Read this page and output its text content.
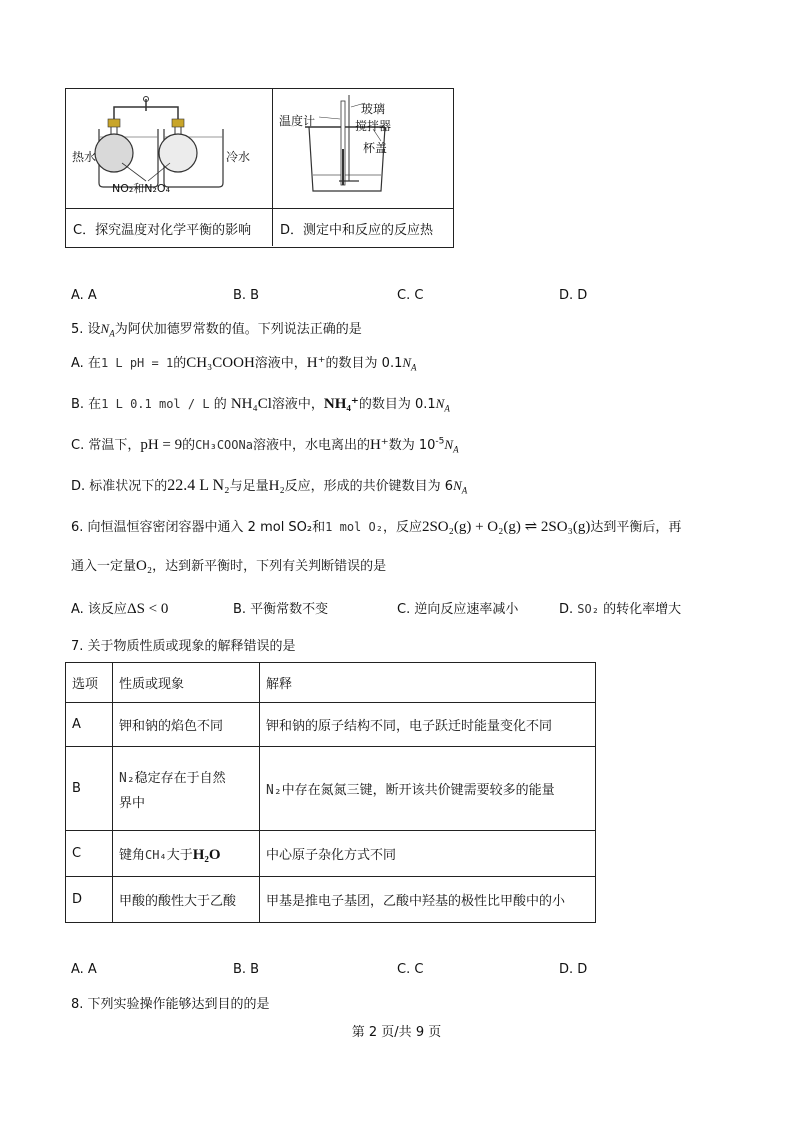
热水	冷水
NO₂和N₂O₄
温度计
玻璃
搅拌器
杯盖
C．探究温度对化学平衡的影响 D．测定中和反应的反应热
A. A	B. B	C. C	D. D
5. 设$N_A$为阿伏加德罗常数的值。下列说法正确的是
A. 在1 L pH = 1的CH₃COOH溶液中，H⁺的数目为 $0.1N_A$
B. 在1 L 0.1 mol / L 的 NH₄Cl溶液中，NH₄⁺的数目为 $0.1N_A$
C. 常温下，pH = 9的CH₃COONa溶液中，水电离出的H⁺数为 $10^{-5}N_A$
D. 标准状况下的22.4 L N₂与足量H₂反应，形成的共价键数目为 $6N_A$
6. 向恒温恒容密闭容器中通入 2 mol SO₂和1 mol O₂，反应2SO₂(g) + O₂(g) ⇌ 2SO₃(g)达到平衡后，再
通入一定量O₂，达到新平衡时，下列有关判断错误的是
A. 该反应ΔS < 0	B. 平衡常数不变	C. 逆向反应速率减小	D. SO₂ 的转化率增大
7. 关于物质性质或现象的解释错误的是
选项	性质或现象	解释
A	钾和钠的焰色不同	钾和钠的原子结构不同，电子跃迁时能量变化不同
B	N₂稳定存在于自然
界中	N₂中存在氮氮三键，断开该共价键需要较多的能量
C	键角CH₄大于H₂O	中心原子杂化方式不同
D	甲酸的酸性大于乙酸	甲基是推电子基团，乙酸中羟基的极性比甲酸中的小
A. A	B. B	C. C	D. D
8. 下列实验操作能够达到目的的是
第 2 页/共 9 页
